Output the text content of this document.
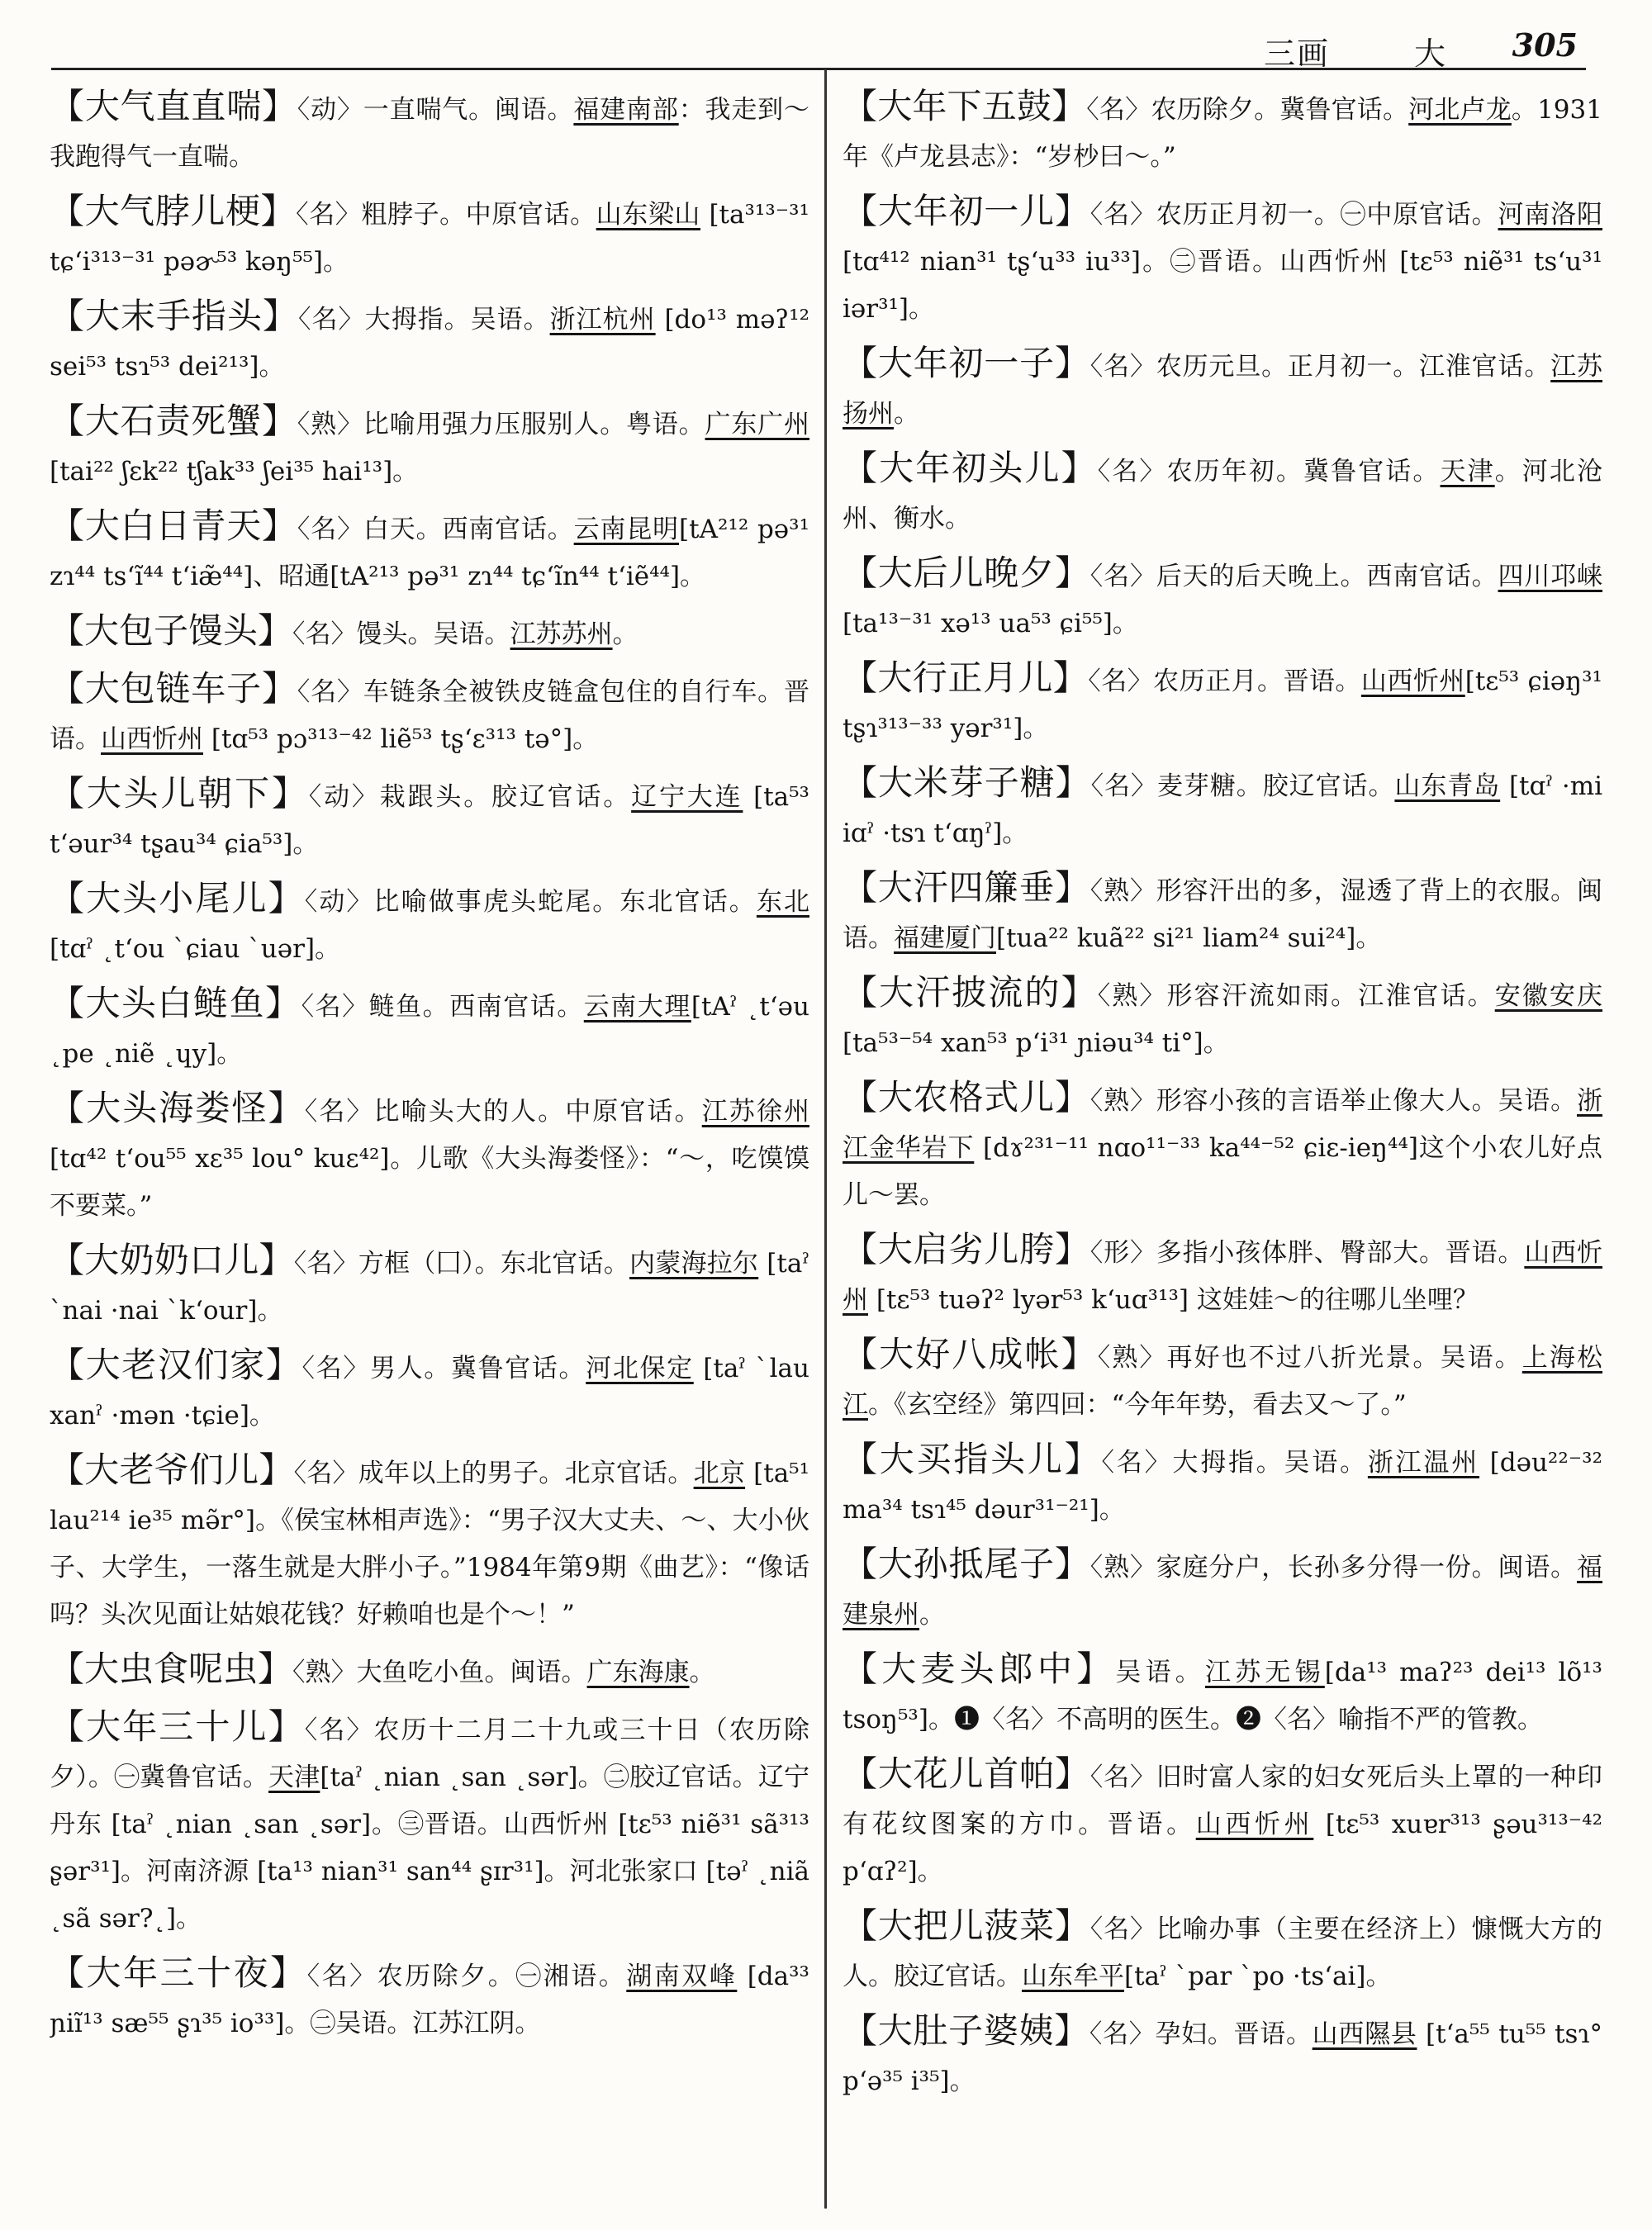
三画	大 305

【大气直直喘】〈动〉一直喘气。闽语。福建南部：我走到～我跑得气一直喘。

【大气脖儿梗】〈名〉粗脖子。中原官话。山东梁山 [ta³¹³⁻³¹ tɕʻi³¹³⁻³¹ pəɚ⁵³ kəŋ⁵⁵]。

【大末手指头】〈名〉大拇指。吴语。浙江杭州 [do¹³ məʔ¹² sei⁵³ tsɿ⁵³ dei²¹³]。

【大石责死蟹】〈熟〉比喻用强力压服别人。粤语。广东广州[tai²² ʃɛk²² tʃak³³ ʃei³⁵ hai¹³]。

【大白日青天】〈名〉白天。西南官话。云南昆明[tA²¹² pə³¹ zɿ⁴⁴ tsʻĩ⁴⁴ tʻiæ̃⁴⁴]、昭通[tA²¹³ pə³¹ zɿ⁴⁴ tɕʻĩn⁴⁴ tʻiẽ⁴⁴]。

【大包子馒头】〈名〉馒头。吴语。江苏苏州。

【大包链车子】〈名〉车链条全被铁皮链盒包住的自行车。晋语。山西忻州 [tɑ⁵³ pɔ³¹³⁻⁴² liẽ⁵³ tʂʻɛ³¹³ tə°]。

【大头儿朝下】〈动〉栽跟头。胶辽官话。辽宁大连 [ta⁵³ tʻəur³⁴ tʂau³⁴ ɕia⁵³]。

【大头小尾儿】〈动〉比喻做事虎头蛇尾。东北官话。东北 [tɑˀ ˛tʻou ˋɕiau ˋuər]。

【大头白鲢鱼】〈名〉鲢鱼。西南官话。云南大理[tAˀ ˛tʻəu ˛pe ˛niẽ ˛ɥy]。

【大头海娄怪】〈名〉比喻头大的人。中原官话。江苏徐州 [tɑ⁴² tʻou⁵⁵ xɛ³⁵ lou° kuɛ⁴²]。儿歌《大头海娄怪》：“～，吃馍馍不要菜。”

【大奶奶口儿】〈名〉方框（囗）。东北官话。内蒙海拉尔 [taˀ ˋnai ·nai ˋkʻour]。

【大老汉们家】〈名〉男人。冀鲁官话。河北保定 [taˀ ˋlau xanˀ ·mən ·tɕie]。

【大老爷们儿】〈名〉成年以上的男子。北京官话。北京 [ta⁵¹ lau²¹⁴ ie³⁵ mə̃r°]。《侯宝林相声选》：“男子汉大丈夫、～、大小伙子、大学生，一落生就是大胖小子。”1984年第9期《曲艺》：“像话吗？头次见面让姑娘花钱？好赖咱也是个～！”

【大虫食呢虫】〈熟〉大鱼吃小鱼。闽语。广东海康。

【大年三十儿】〈名〉农历十二月二十九或三十日（农历除夕）。㊀冀鲁官话。天津[taˀ ˛nian ˛san ˛sər]。㊁胶辽官话。辽宁丹东 [taˀ ˛nian ˛san ˛sər]。㊂晋语。山西忻州 [tɛ⁵³ niẽ³¹ sã³¹³ ʂər³¹]。河南济源 [ta¹³ nian³¹ san⁴⁴ ʂɪr³¹]。河北张家口 [təˀ ˛niã ˛sã sər?˛]。

【大年三十夜】〈名〉农历除夕。㊀湘语。湖南双峰 [da³³ ɲiĩ¹³ sæ⁵⁵ ʂɿ³⁵ io³³]。㊁吴语。江苏江阴。

【大年下五鼓】〈名〉农历除夕。冀鲁官话。河北卢龙。1931年《卢龙县志》：“岁杪曰～。”

【大年初一儿】〈名〉农历正月初一。㊀中原官话。河南洛阳 [tɑ⁴¹² nian³¹ tʂʻu³³ iu³³]。㊁晋语。山西忻州 [tɛ⁵³ niẽ³¹ tsʻu³¹ iər³¹]。

【大年初一子】〈名〉农历元旦。正月初一。江淮官话。江苏扬州。

【大年初头儿】〈名〉农历年初。冀鲁官话。天津。河北沧州、衡水。

【大后儿晚夕】〈名〉后天的后天晚上。西南官话。四川邛崃[ta¹³⁻³¹ xə¹³ ua⁵³ ɕi⁵⁵]。

【大行正月儿】〈名〉农历正月。晋语。山西忻州[tɛ⁵³ ɕiəŋ³¹ tʂɿ³¹³⁻³³ yər³¹]。

【大米芽子糖】〈名〉麦芽糖。胶辽官话。山东青岛 [tɑˀ ·mi iɑˀ ·tsɿ tʻɑŋˀ]。

【大汗四簾垂】〈熟〉形容汗出的多，湿透了背上的衣服。闽语。福建厦门[tua²² kuã²² si²¹ liam²⁴ sui²⁴]。

【大汗披流的】〈熟〉形容汗流如雨。江淮官话。安徽安庆[ta⁵³⁻⁵⁴ xan⁵³ pʻi³¹ ɲiəu³⁴ ti°]。

【大农格式儿】〈熟〉形容小孩的言语举止像大人。吴语。浙江金华岩下 [dɤ²³¹⁻¹¹ nɑo¹¹⁻³³ ka⁴⁴⁻⁵² ɕiɛ-ieŋ⁴⁴]这个小农儿好点儿～罢。

【大启劣儿胯】〈形〉多指小孩体胖、臀部大。晋语。山西忻州 [tɛ⁵³ tuəʔ² lyər⁵³ kʻuɑ³¹³] 这娃娃～的往哪儿坐哩？

【大好八成帐】〈熟〉再好也不过八折光景。吴语。上海松江。《玄空经》第四回：“今年年势，看去又～了。”

【大买指头儿】〈名〉大拇指。吴语。浙江温州 [dəu²²⁻³² ma³⁴ tsɿ⁴⁵ dəur³¹⁻²¹]。

【大孙抵尾子】〈熟〉家庭分户，长孙多分得一份。闽语。福建泉州。

【大麦头郎中】吴语。江苏无锡[da¹³ maʔ²³ dei¹³ lõ¹³ tsoŋ⁵³]。❶〈名〉不高明的医生。❷〈名〉喻指不严的管教。

【大花儿首帕】〈名〉旧时富人家的妇女死后头上罩的一种印有花纹图案的方巾。晋语。山西忻州 [tɛ⁵³ xuɐr³¹³ ʂəu³¹³⁻⁴² pʻɑʔ²]。

【大把儿菠菜】〈名〉比喻办事（主要在经济上）慷慨大方的人。胶辽官话。山东牟平[taˀ ˋpar ˋpo ·tsʻai]。

【大肚子婆姨】〈名〉孕妇。晋语。山西隰县 [tʻa⁵⁵ tu⁵⁵ tsɿ° pʻə³⁵ i³⁵]。
